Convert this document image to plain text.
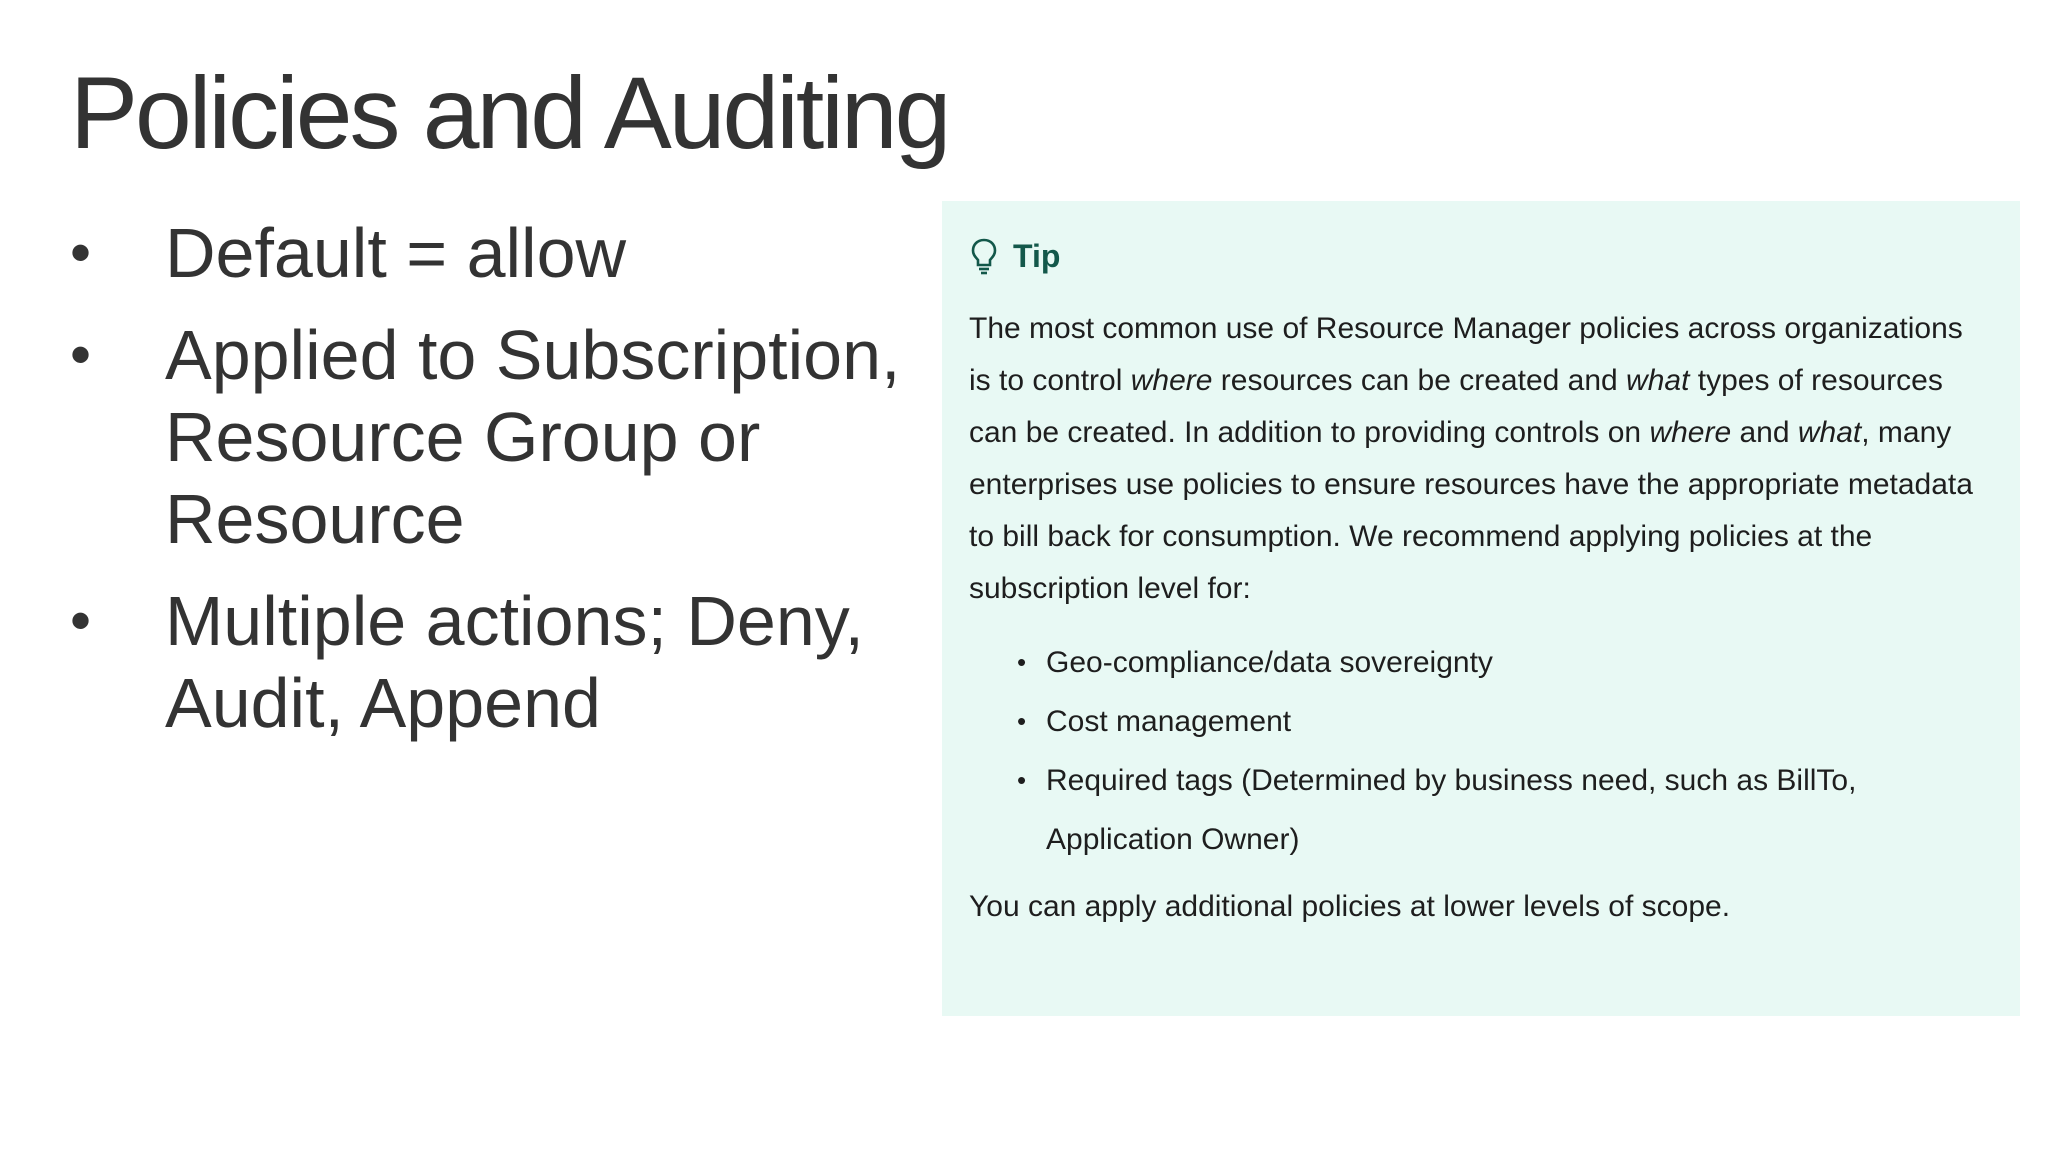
Policies and Auditing
•	Default = allow
•	Applied to Subscription, Resource Group or Resource
•	Multiple actions; Deny, Audit, Append
Tip

The most common use of Resource Manager policies across organizations is to control where resources can be created and what types of resources can be created. In addition to providing controls on where and what, many enterprises use policies to ensure resources have the appropriate metadata to bill back for consumption. We recommend applying policies at the subscription level for:

• Geo-compliance/data sovereignty
• Cost management
• Required tags (Determined by business need, such as BillTo, Application Owner)

You can apply additional policies at lower levels of scope.
